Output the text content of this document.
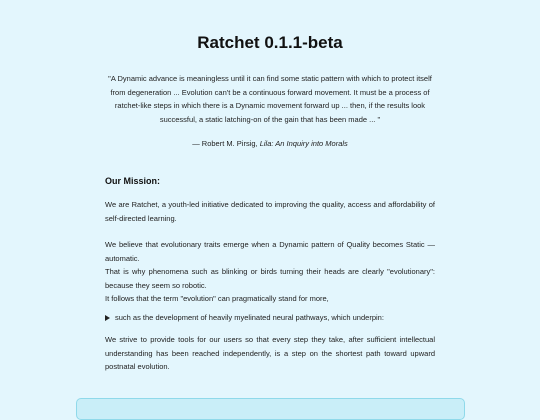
Ratchet 0.1.1-beta

"A Dynamic advance is meaningless until it can find some static pattern with which to protect itself from degeneration ... Evolution can't be a continuous forward movement. It must be a process of ratchet-like steps in which there is a Dynamic movement forward up ... then, if the results look successful, a static latching-on of the gain that has been made ... "

— Robert M. Pirsig, Lila: An Inquiry into Morals
Our Mission:

We are Ratchet, a youth-led initiative dedicated to improving the quality, access and affordability of self-directed learning.

We believe that evolutionary traits emerge when a Dynamic pattern of Quality becomes Static — automatic.
That is why phenomena such as blinking or birds turning their heads are clearly "evolutionary": because they seem so robotic.
It follows that the term "evolution" can pragmatically stand for more,
such as the development of heavily myelinated neural pathways, which underpin:

We strive to provide tools for our users so that every step they take, after sufficient intellectual understanding has been reached independently, is a step on the shortest path toward upward postnatal evolution.
